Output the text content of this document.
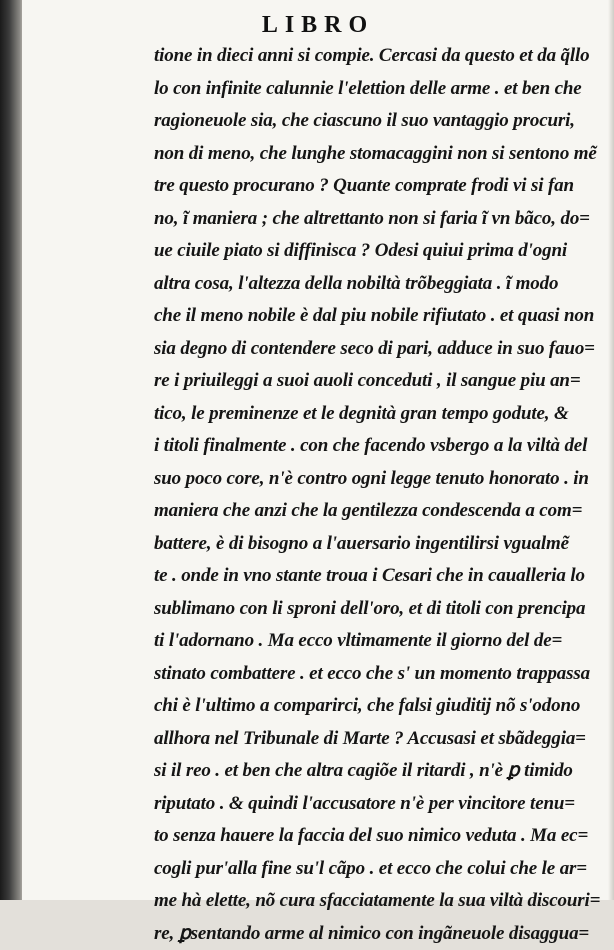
LIBRO
tione in dieci anni si compie. Cercasi da questo et da q̃llo
lo con infinite calunnie l'elettion delle arme . et ben che
ragioneuole sia, che ciascuno il suo vantaggio procuri,
non di meno, che lunghe stomacaggini non si sentono mẽ
tre questo procurano ? Quante comprate frodi vi si fan
no, ĩ maniera ; che altrettanto non si faria ĩ vn bãco, do=
ue ciuile piato si diffinisca ? Odesi quiui prima d'ogni
altra cosa, l'altezza della nobiltà trõbeggiata . ĩ modo
che il meno nobile è dal piu nobile rifiutato . et quasi non
sia degno di contendere seco di pari, adduce in suo fauo=
re i priuileggi a suoi auoli conceduti , il sangue piu an=
tico, le preminenze et le degnità gran tempo godute, &
i titoli finalmente . con che facendo vsbergo a la viltà del
suo poco core, n'è contro ogni legge tenuto honorato . in
maniera che anzi che la gentilezza condescenda a com=
battere, è di bisogno a l'auersario ingentilirsi vgualmẽ
te . onde in vno stante troua i Cesari che in caualleria lo
sublimano con li sproni dell'oro, et di titoli con prencipa
ti l'adornano . Ma ecco vltimamente il giorno del de=
stinato combattere . et ecco che s' un momento trappassa
chi è l'ultimo a comparirci, che falsi giuditij nõ s'odono
allhora nel Tribunale di Marte ? Accusasi et sbãdeggia=
si il reo . et ben che altra cagiõe il ritardi , n'è ꝑ timido
riputato . & quindi l'accusatore n'è per vincitore tenu=
to senza hauere la faccia del suo nimico veduta . Ma ec=
cogli pur'alla fine su'l cãpo . et ecco che colui che le ar=
me hà elette, nõ cura sfacciatamente la sua viltà discouri=
re, ꝑsentando arme al nimico con ingãneuole disaggua=
